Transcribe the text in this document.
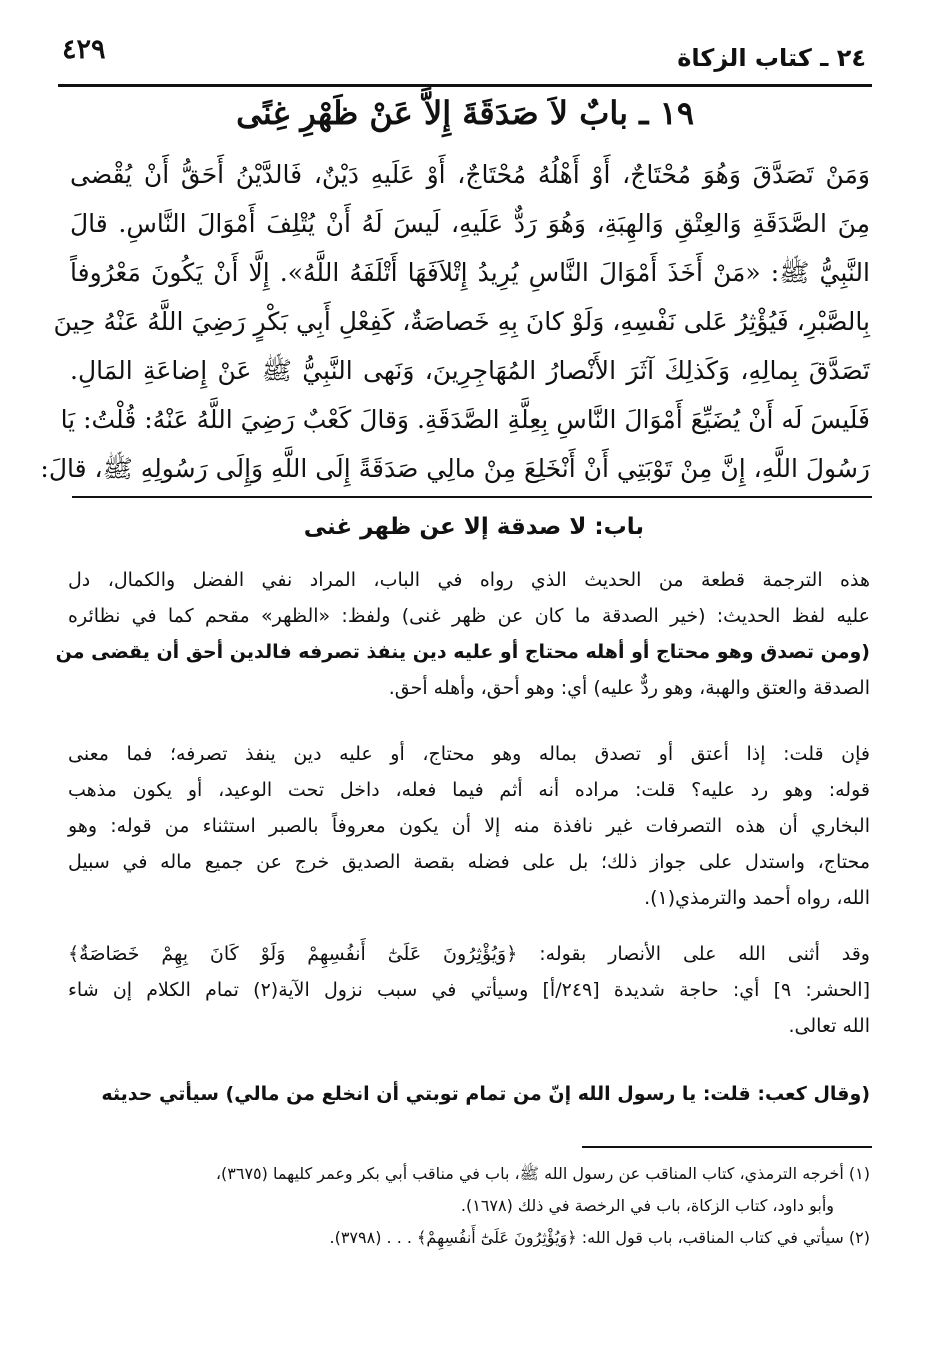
٤٢٩	٢٤ ـ كتاب الزكاة
١٩ ـ بابٌ لاَ صَدَقَةَ إِلاَّ عَنْ ظَهْرِ غِنًى
وَمَنْ تَصَدَّقَ وَهُوَ مُحْتَاجٌ، أَوْ أَهْلُهُ مُحْتَاجٌ، أَوْ عَلَيهِ دَيْنٌ، فَالدَّيْنُ أَحَقُّ أَنْ يُقْضى
مِنَ الصَّدَقَةِ وَالعِتْقِ وَالهِبَةِ، وَهُوَ رَدٌّ عَلَيهِ، لَيسَ لَهُ أَنْ يُتْلِفَ أَمْوَالَ النَّاسِ. قالَ
النَّبِيُّ ﷺ: «مَنْ أَخَذَ أَمْوَالَ النَّاسِ يُرِيدُ إِتْلاَفَهَا أَتْلَفَهُ اللَّهُ». إِلَّا أَنْ يَكُونَ مَعْرُوفاً
بِالصَّبْرِ، فَيُؤْثِرُ عَلى نَفْسِهِ، وَلَوْ كانَ بِهِ خَصاصَةٌ، كَفِعْلِ أَبِي بَكْرٍ رَضِيَ اللَّهُ عَنْهُ حِينَ
تَصَدَّقَ بِمالِهِ، وَكَذلِكَ آثَرَ الأَنْصارُ المُهَاجِرِينَ، وَنَهى النَّبِيُّ ﷺ عَنْ إِضاعَةِ المَالِ.
فَلَيسَ لَه أَنْ يُضَيِّعَ أَمْوَالَ النَّاسِ بِعِلَّةِ الصَّدَقَةِ. وَقالَ كَعْبٌ رَضِيَ اللَّهُ عَنْهُ: قُلْتُ: يَا
رَسُولَ اللَّهِ، إِنَّ مِنْ تَوْبَتِي أَنْ أَنْخَلِعَ مِنْ مالِي صَدَقَةً إِلَى اللَّهِ وَإِلَى رَسُولِهِ ﷺ، قالَ:
باب: لا صدقة إلا عن ظهر غنى
هذه الترجمة قطعة من الحديث الذي رواه في الباب، المراد نفي الفضل والكمال، دل
عليه لفظ الحديث: (خير الصدقة ما كان عن ظهر غنى) ولفظ: «الظهر» مقحم كما في نظائره
(ومن تصدق وهو محتاج أو أهله محتاج أو عليه دين ينفذ تصرفه فالدين أحق أن يقضى من
الصدقة والعتق والهبة، وهو ردٌّ عليه) أي: وهو أحق، وأهله أحق.
فإن قلت: إذا أعتق أو تصدق بماله وهو محتاج، أو عليه دين ينفذ تصرفه؛ فما معنى
قوله: وهو رد عليه؟ قلت: مراده أنه أثم فيما فعله، داخل تحت الوعيد، أو يكون مذهب
البخاري أن هذه التصرفات غير نافذة منه إلا أن يكون معروفاً بالصبر استثناء من قوله: وهو
محتاج، واستدل على جواز ذلك؛ بل على فضله بقصة الصديق خرج عن جميع ماله في سبيل
الله، رواه أحمد والترمذي(١).
وقد أثنى الله على الأنصار بقوله: ﴿وَيُؤْثِرُونَ عَلَىٰٓ أَنفُسِهِمْ وَلَوْ كَانَ بِهِمْ خَصَاصَةٌ﴾
[الحشر: ٩] أي: حاجة شديدة [٢٤٩/أ] وسيأتي في سبب نزول الآية(٢) تمام الكلام إن شاء
الله تعالى.
(وقال كعب: قلت: يا رسول الله إنّ من تمام توبتي أن انخلع من مالي) سيأتي حديثه
(١) أخرجه الترمذي، كتاب المناقب عن رسول الله ﷺ، باب في مناقب أبي بكر وعمر كليهما (٣٦٧٥)،
وأبو داود، كتاب الزكاة، باب في الرخصة في ذلك (١٦٧٨).
(٢) سيأتي في كتاب المناقب، باب قول الله: ﴿وَيُؤْثِرُونَ عَلَىٰٓ أَنفُسِهِمْ﴾ . . . (٣٧٩٨).
